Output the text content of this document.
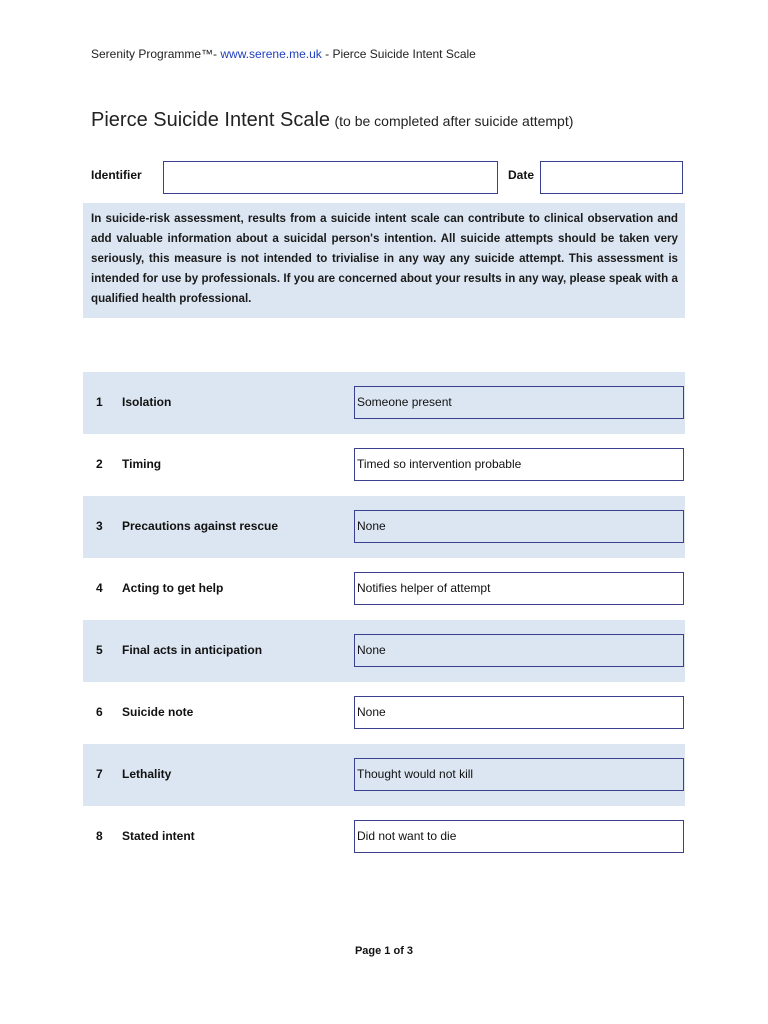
Serenity Programme™- www.serene.me.uk - Pierce Suicide Intent Scale
Pierce Suicide Intent Scale (to be completed after suicide attempt)
Identifier	Date
In suicide-risk assessment, results from a suicide intent scale can contribute to clinical observation and add valuable information about a suicidal person's intention. All suicide attempts should be taken very seriously, this measure is not intended to trivialise in any way any suicide attempt. This assessment is intended for use by professionals. If you are concerned about your results in any way, please speak with a qualified health professional.
1 Isolation	Someone present
2 Timing	Timed so intervention probable
3 Precautions against rescue	None
4 Acting to get help	Notifies helper of attempt
5 Final acts in anticipation	None
6 Suicide note	None
7 Lethality	Thought would not kill
8 Stated intent	Did not want to die
Page 1 of 3
